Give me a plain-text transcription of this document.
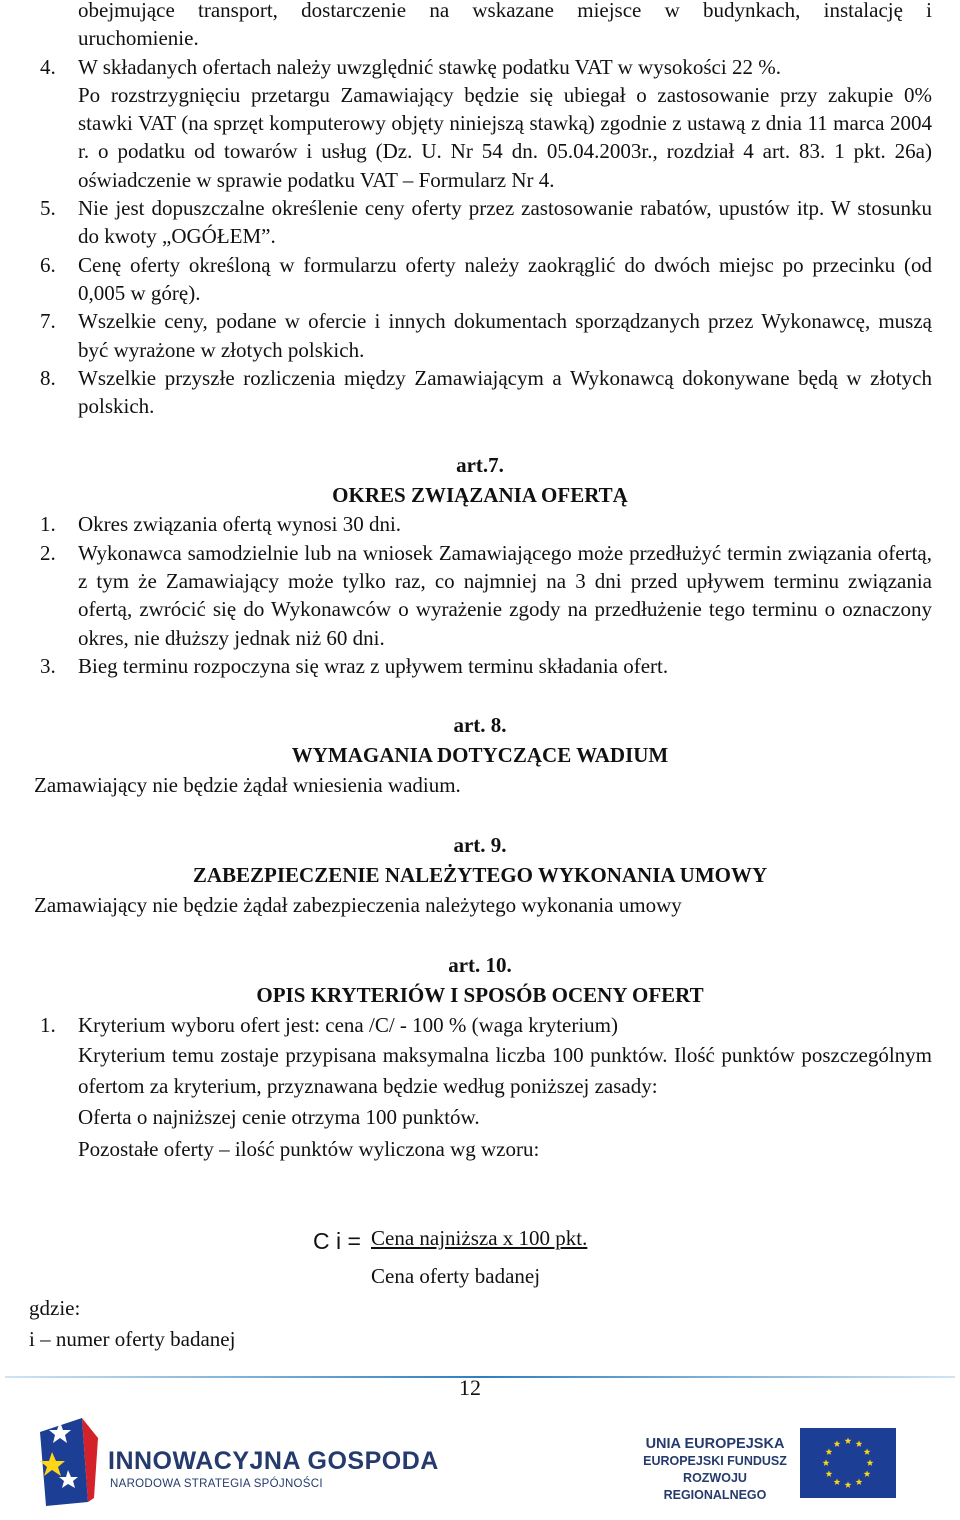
obejmujące transport, dostarczenie na wskazane miejsce w budynkach, instalację i
uruchomienie.
4. W składanych ofertach należy uwzględnić stawkę podatku VAT w wysokości 22 %.
Po rozstrzygnięciu przetargu Zamawiający będzie się ubiegał o zastosowanie przy zakupie 0% stawki VAT (na sprzęt komputerowy objęty niniejszą stawką) zgodnie z ustawą z dnia 11 marca 2004 r. o podatku od towarów i usług (Dz. U. Nr 54 dn. 05.04.2003r., rozdział 4 art. 83. 1 pkt. 26a) oświadczenie w sprawie podatku VAT – Formularz Nr 4.
5. Nie jest dopuszczalne określenie ceny oferty przez zastosowanie rabatów, upustów itp. W stosunku do kwoty „OGÓŁEM”.
6. Cenę oferty określoną w formularzu oferty należy zaokrąglić do dwóch miejsc po przecinku (od 0,005 w górę).
7. Wszelkie ceny, podane w ofercie i innych dokumentach sporządzanych przez Wykonawcę, muszą być wyrażone w złotych polskich.
8. Wszelkie przyszłe rozliczenia między Zamawiającym a Wykonawcą dokonywane będą w złotych polskich.
art.7.
OKRES ZWIĄZANIA OFERTĄ
1. Okres związania ofertą wynosi 30 dni.
2. Wykonawca samodzielnie lub na wniosek Zamawiającego może przedłużyć termin związania ofertą, z tym że Zamawiający może tylko raz, co najmniej na 3 dni przed upływem terminu związania ofertą, zwrócić się do Wykonawców o wyrażenie zgody na przedłużenie tego terminu o oznaczony okres, nie dłuższy jednak niż 60 dni.
3. Bieg terminu rozpoczyna się wraz z upływem terminu składania ofert.
art. 8.
WYMAGANIA DOTYCZĄCE WADIUM
Zamawiający nie będzie żądał wniesienia wadium.
art. 9.
ZABEZPIECZENIE NALEŻYTEGO WYKONANIA UMOWY
Zamawiający nie będzie żądał zabezpieczenia należytego wykonania umowy
art. 10.
OPIS KRYTERIÓW I SPOSÓB OCENY OFERT
1. Kryterium wyboru ofert jest: cena /C/ - 100 % (waga kryterium)
Kryterium temu zostaje przypisana maksymalna liczba 100 punktów. Ilość punktów poszczególnym ofertom za kryterium, przyznawana będzie według poniższej zasady:
Oferta o najniższej cenie otrzyma 100 punktów.
Pozostałe oferty – ilość punktów wyliczona wg wzoru:
C i = Cena najniższa x 100 pkt.
Cena oferty badanej
gdzie:
i – numer oferty badanej
12
INNOWACYJNA GOSPODA
NARODOWA STRATEGIA SPÓJNOŚCI
UNIA EUROPEJSKA
EUROPEJSKI FUNDUSZ
ROZWOJU REGIONALNEGO
